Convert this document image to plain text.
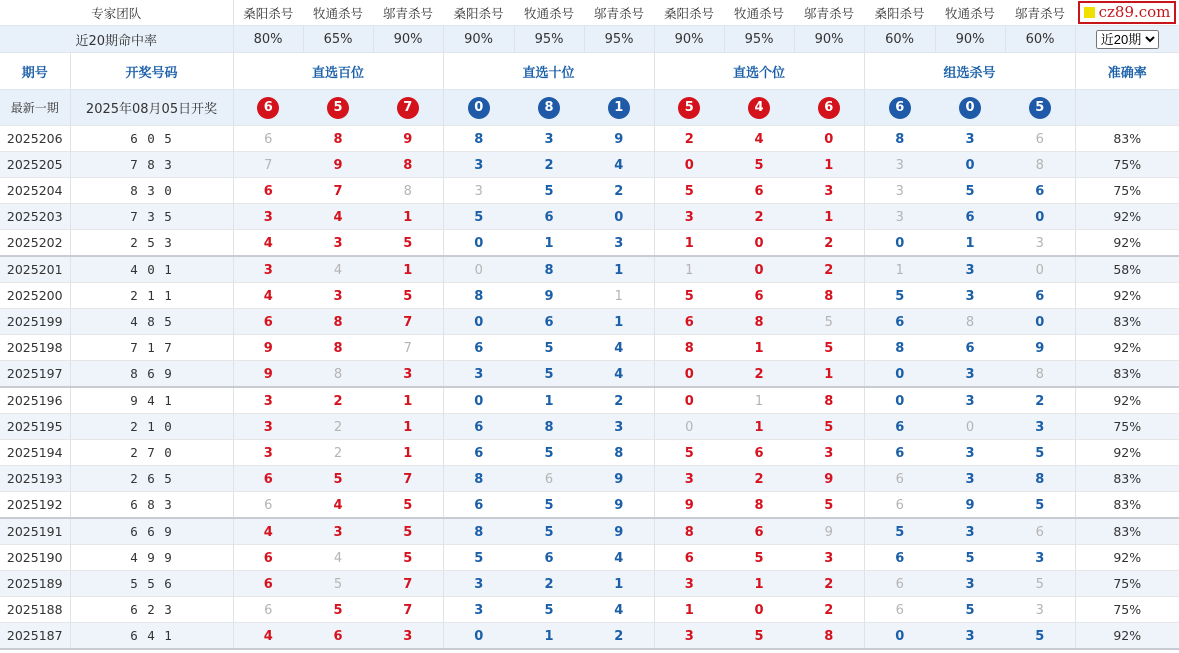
专家团队		桑阳杀号	牧通杀号	邬青杀号	桑阳杀号	牧通杀号	邬青杀号	桑阳杀号	牧通杀号	邬青杀号	桑阳杀号	牧通杀号	邬青杀号	cz89.com

近20期命中率		80%	65%	90%	90%	95%	95%	90%	95%	90%	60%	90%	60%	
近20期
期号	开奖号码	直选百位			直选十位			直选个位			组选杀号			准确率
最新一期	2025年08月05日开奖	6	5	7	0	8	1	5	4	6	6	0	5	
2025206	6 0 5	6	8	9	8	3	9	2	4	0	8	3	6	83%
2025205	7 8 3	7	9	8	3	2	4	0	5	1	3	0	8	75%
2025204	8 3 0	6	7	8	3	5	2	5	6	3	3	5	6	75%
2025203	7 3 5	3	4	1	5	6	0	3	2	1	3	6	0	92%
2025202	2 5 3	4	3	5	0	1	3	1	0	2	0	1	3	92%
2025201	4 0 1	3	4	1	0	8	1	1	0	2	1	3	0	58%
2025200	2 1 1	4	3	5	8	9	1	5	6	8	5	3	6	92%
2025199	4 8 5	6	8	7	0	6	1	6	8	5	6	8	0	83%
2025198	7 1 7	9	8	7	6	5	4	8	1	5	8	6	9	92%
2025197	8 6 9	9	8	3	3	5	4	0	2	1	0	3	8	83%
2025196	9 4 1	3	2	1	0	1	2	0	1	8	0	3	2	92%
2025195	2 1 0	3	2	1	6	8	3	0	1	5	6	0	3	75%
2025194	2 7 0	3	2	1	6	5	8	5	6	3	6	3	5	92%
2025193	2 6 5	6	5	7	8	6	9	3	2	9	6	3	8	83%
2025192	6 8 3	6	4	5	6	5	9	9	8	5	6	9	5	83%
2025191	6 6 9	4	3	5	8	5	9	8	6	9	5	3	6	83%
2025190	4 9 9	6	4	5	5	6	4	6	5	3	6	5	3	92%
2025189	5 5 6	6	5	7	3	2	1	3	1	2	6	3	5	75%
2025188	6 2 3	6	5	7	3	5	4	1	0	2	6	5	3	75%
2025187	6 4 1	4	6	3	0	1	2	3	5	8	0	3	5	92%
